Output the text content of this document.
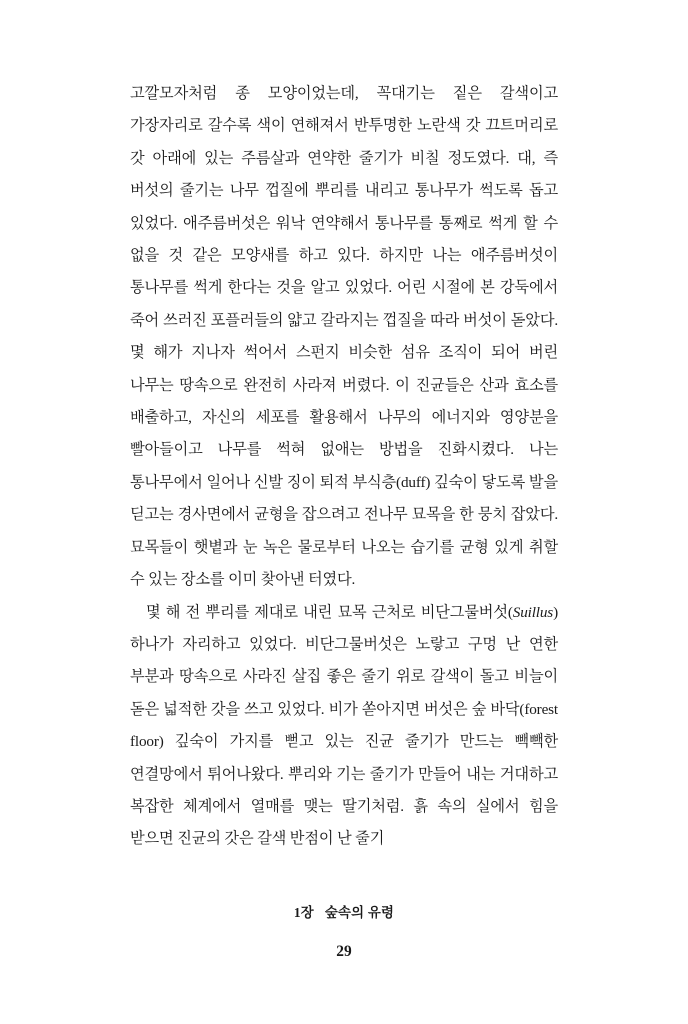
고깔모자처럼 종 모양이었는데, 꼭대기는 짙은 갈색이고 가장자리로 갈수록 색이 연해져서 반투명한 노란색 갓 끄트머리로 갓 아래에 있는 주름살과 연약한 줄기가 비칠 정도였다. 대, 즉 버섯의 줄기는 나무 껍질에 뿌리를 내리고 통나무가 썩도록 돕고 있었다. 애주름버섯은 워낙 연약해서 통나무를 통째로 썩게 할 수 없을 것 같은 모양새를 하고 있다. 하지만 나는 애주름버섯이 통나무를 썩게 한다는 것을 알고 있었다. 어린 시절에 본 강둑에서 죽어 쓰러진 포플러들의 얇고 갈라지는 껍질을 따라 버섯이 돋았다. 몇 해가 지나자 썩어서 스펀지 비슷한 섬유 조직이 되어 버린 나무는 땅속으로 완전히 사라져 버렸다. 이 진균들은 산과 효소를 배출하고, 자신의 세포를 활용해서 나무의 에너지와 영양분을 빨아들이고 나무를 썩혀 없애는 방법을 진화시켰다. 나는 통나무에서 일어나 신발 징이 퇴적 부식층(duff) 깊숙이 닿도록 발을 딛고는 경사면에서 균형을 잡으려고 전나무 묘목을 한 뭉치 잡았다. 묘목들이 햇볕과 눈 녹은 물로부터 나오는 습기를 균형 있게 취할 수 있는 장소를 이미 찾아낸 터였다.

몇 해 전 뿌리를 제대로 내린 묘목 근처로 비단그물버섯(Suillus) 하나가 자리하고 있었다. 비단그물버섯은 노랗고 구멍 난 연한 부분과 땅속으로 사라진 살집 좋은 줄기 위로 갈색이 돌고 비늘이 돋은 넓적한 갓을 쓰고 있었다. 비가 쏟아지면 버섯은 숲 바닥(forest floor) 깊숙이 가지를 뻗고 있는 진균 줄기가 만드는 빽빽한 연결망에서 튀어나왔다. 뿌리와 기는 줄기가 만들어 내는 거대하고 복잡한 체계에서 열매를 맺는 딸기처럼. 흙 속의 실에서 힘을 받으면 진균의 갓은 갈색 반점이 난 줄기

1장 숲속의 유령
29
